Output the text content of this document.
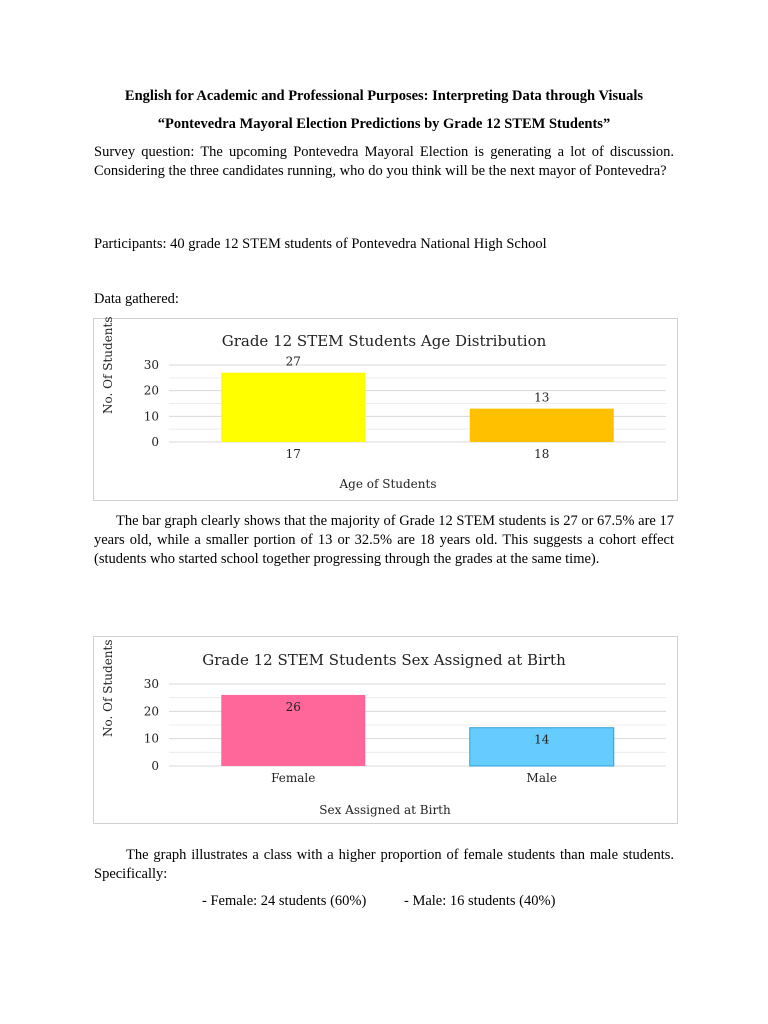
English for Academic and Professional Purposes: Interpreting Data through Visuals
“Pontevedra Mayoral Election Predictions by Grade 12 STEM Students”
Survey question: The upcoming Pontevedra Mayoral Election is generating a lot of discussion. Considering the three candidates running, who do you think will be the next mayor of Pontevedra?
Participants: 40 grade 12 STEM students of Pontevedra National High School
Data gathered:
Grade 12 STEM Students Age Distribution
0
10
20
30	27
13
17	18
Age of Students
No. Of Students
The bar graph clearly shows that the majority of Grade 12 STEM students is 27 or 67.5% are 17 years old, while a smaller portion of 13 or 32.5% are 18 years old. This suggests a cohort effect (students who started school together progressing through the grades at the same time).
Grade 12 STEM Students Sex Assigned at Birth
0
10
20
30
26
14
Female	Male
Sex Assigned at Birth
No. Of Students
The graph illustrates a class with a higher proportion of female students than male students. Specifically:
- Female: 24 students (60%)	- Male: 16 students (40%)
